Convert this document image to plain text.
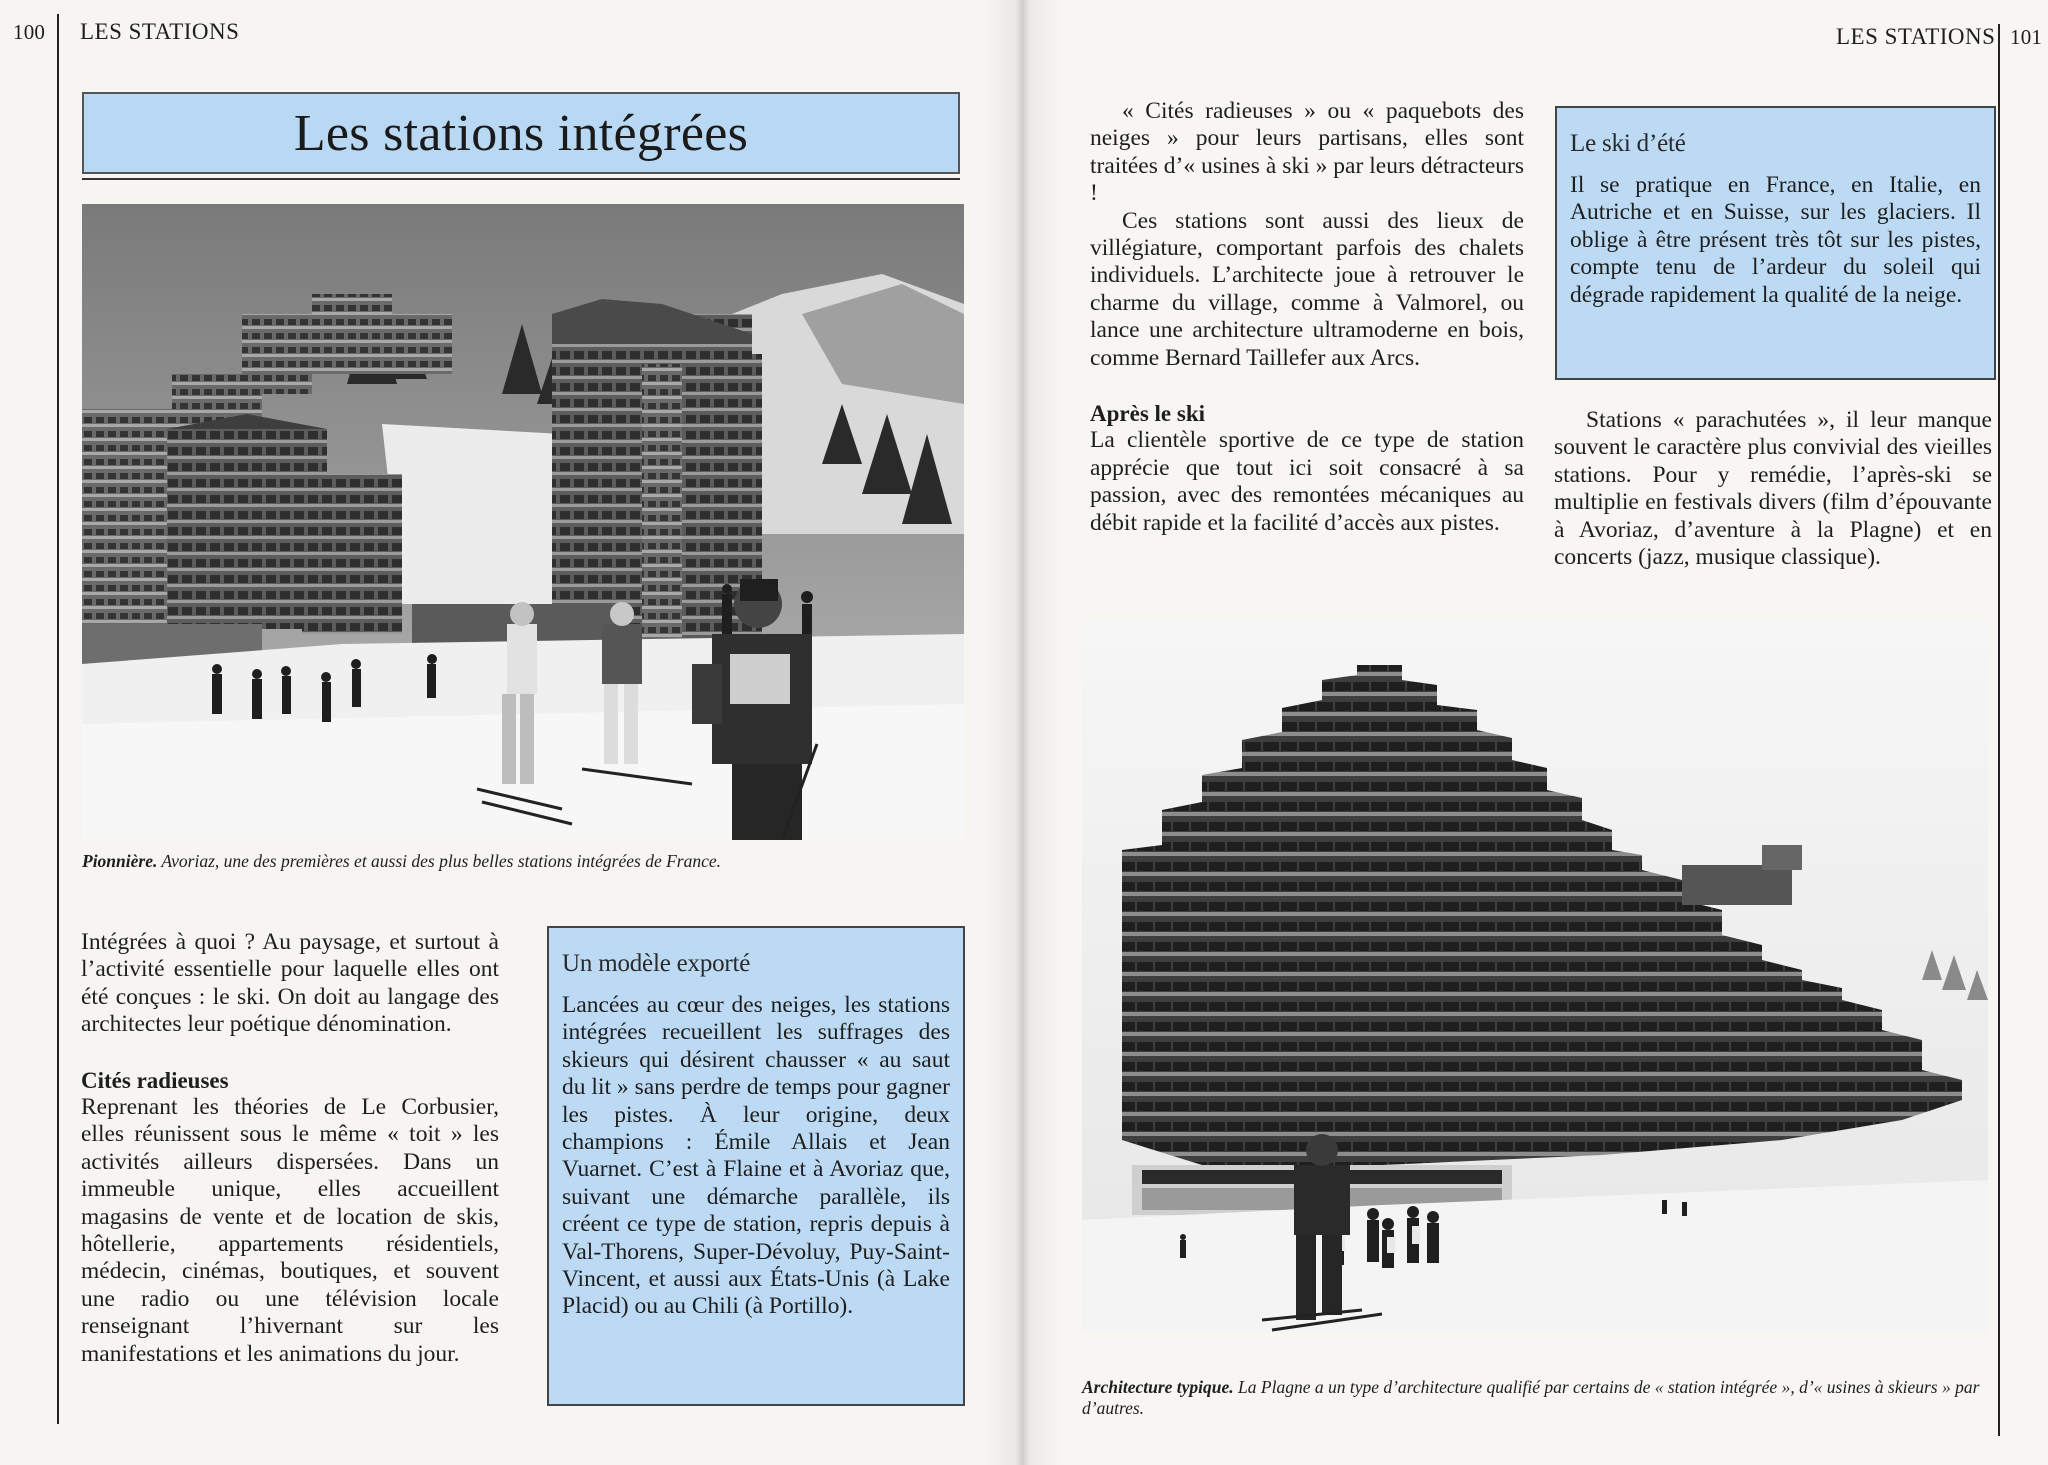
100 LES STATIONS
Les stations intégrées
Pionnière. Avoriaz, une des premières et aussi des plus belles stations intégrées de France.

Intégrées à quoi ? Au paysage, et surtout à l’activité essentielle pour laquelle elles ont été conçues : le ski. On doit au langage des architectes leur poétique dénomination.

Cités radieuses

Reprenant les théories de Le Corbusier, elles réunissent sous le même « toit » les activités ailleurs dispersées. Dans un immeuble unique, elles accueillent magasins de vente et de location de skis, hôtellerie, appartements résidentiels, médecin, cinémas, boutiques, et souvent une radio ou une télévision locale renseignant l’hivernant sur les manifestations et les animations du jour.

Un modèle exporté
Lancées au cœur des neiges, les stations intégrées recueillent les suffrages des skieurs qui désirent chausser « au saut du lit » sans perdre de temps pour gagner les pistes. À leur origine, deux champions : Émile Allais et Jean Vuarnet. C’est à Flaine et à Avoriaz que, suivant une démarche parallèle, ils créent ce type de station, repris depuis à Val-Thorens, Super-Dévoluy, Puy-Saint-Vincent, et aussi aux États-Unis (à Lake Placid) ou au Chili (à Portillo).
LES STATIONS 101

« Cités radieuses » ou « paquebots des neiges » pour leurs partisans, elles sont traitées d’« usines à ski » par leurs détracteurs !

Ces stations sont aussi des lieux de villégiature, comportant parfois des chalets individuels. L’architecte joue à retrouver le charme du village, comme à Valmorel, ou lance une architecture ultramoderne en bois, comme Bernard Taillefer aux Arcs.

Après le ski

La clientèle sportive de ce type de station apprécie que tout ici soit consacré à sa passion, avec des remontées mécaniques au débit rapide et la facilité d’accès aux pistes.

Le ski d’été
Il se pratique en France, en Italie, en Autriche et en Suisse, sur les glaciers. Il oblige à être présent très tôt sur les pistes, compte tenu de l’ardeur du soleil qui dégrade rapidement la qualité de la neige.

Stations « parachutées », il leur manque souvent le caractère plus convivial des vieilles stations. Pour y remédie, l’après-ski se multiplie en festivals divers (film d’épouvante à Avoriaz, d’aventure à la Plagne) et en concerts (jazz, musique classique).

Architecture typique. La Plagne a un type d’architecture qualifié par certains de « station intégrée », d’« usines à skieurs » par d’autres.
